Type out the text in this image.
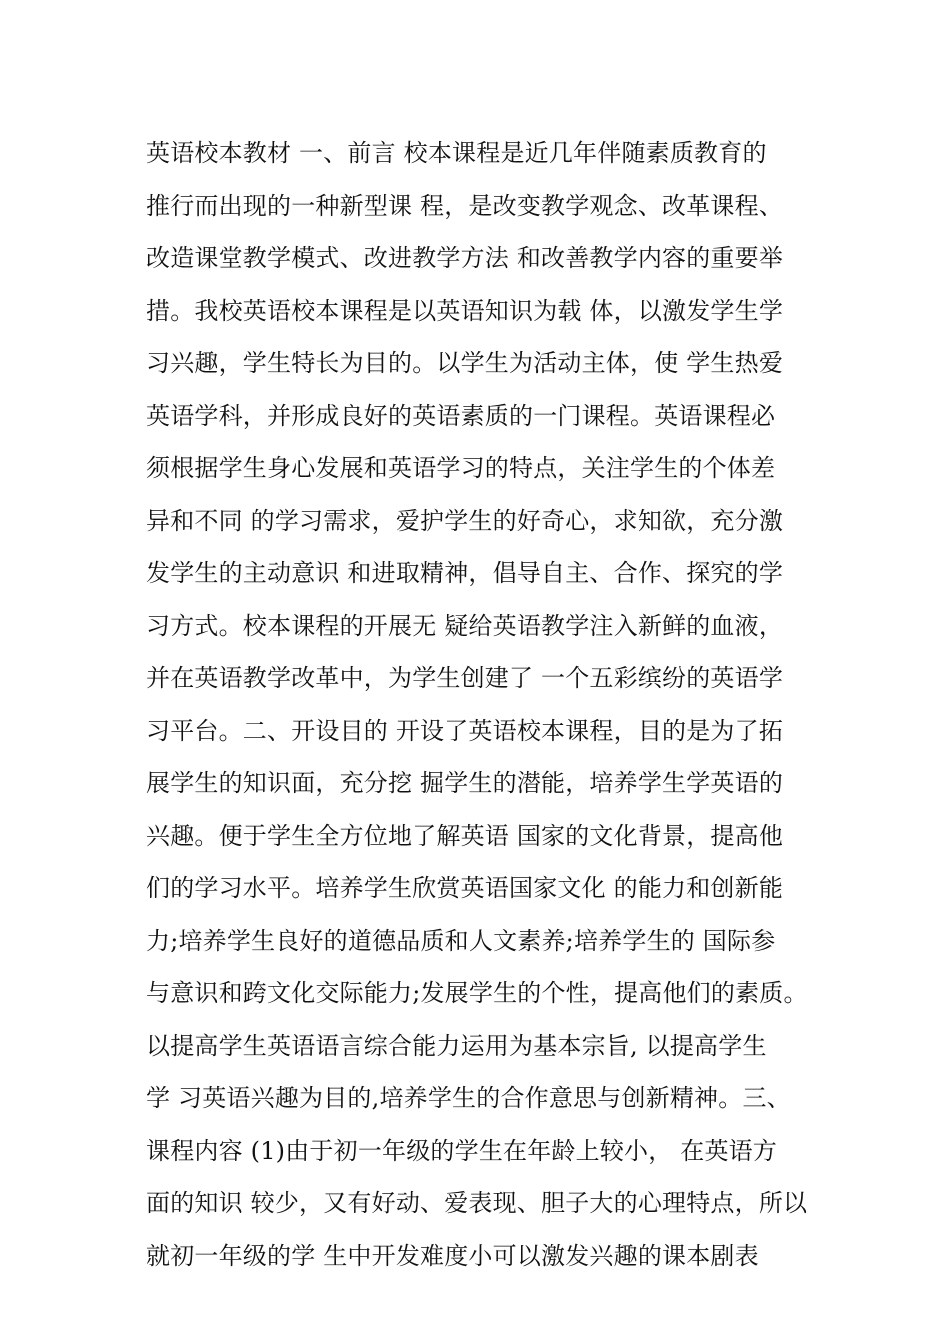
英语校本教材 一、前言 校本课程是近几年伴随素质教育的
推行而出现的一种新型课 程，是改变教学观念、改革课程、
改造课堂教学模式、改进教学方法 和改善教学内容的重要举
措。我校英语校本课程是以英语知识为载 体，以激发学生学
习兴趣，学生特长为目的。以学生为活动主体，使 学生热爱
英语学科，并形成良好的英语素质的一门课程。英语课程必
须根据学生身心发展和英语学习的特点，关注学生的个体差
异和不同 的学习需求，爱护学生的好奇心，求知欲，充分激
发学生的主动意识 和进取精神，倡导自主、合作、探究的学
习方式。校本课程的开展无 疑给英语教学注入新鲜的血液，
并在英语教学改革中，为学生创建了 一个五彩缤纷的英语学
习平台。二、开设目的 开设了英语校本课程，目的是为了拓
展学生的知识面，充分挖 掘学生的潜能，培养学生学英语的
兴趣。便于学生全方位地了解英语 国家的文化背景，提高他
们的学习水平。培养学生欣赏英语国家文化 的能力和创新能
力;培养学生良好的道德品质和人文素养;培养学生的 国际参
与意识和跨文化交际能力;发展学生的个性，提高他们的素质。
以提高学生英语语言综合能力运用为基本宗旨, 以提高学生
学 习英语兴趣为目的,培养学生的合作意思与创新精神。三、
课程内容 (1)由于初一年级的学生在年龄上较小， 在英语方
面的知识 较少，又有好动、爱表现、胆子大的心理特点，所以
就初一年级的学 生中开发难度小可以激发兴趣的课本剧表
